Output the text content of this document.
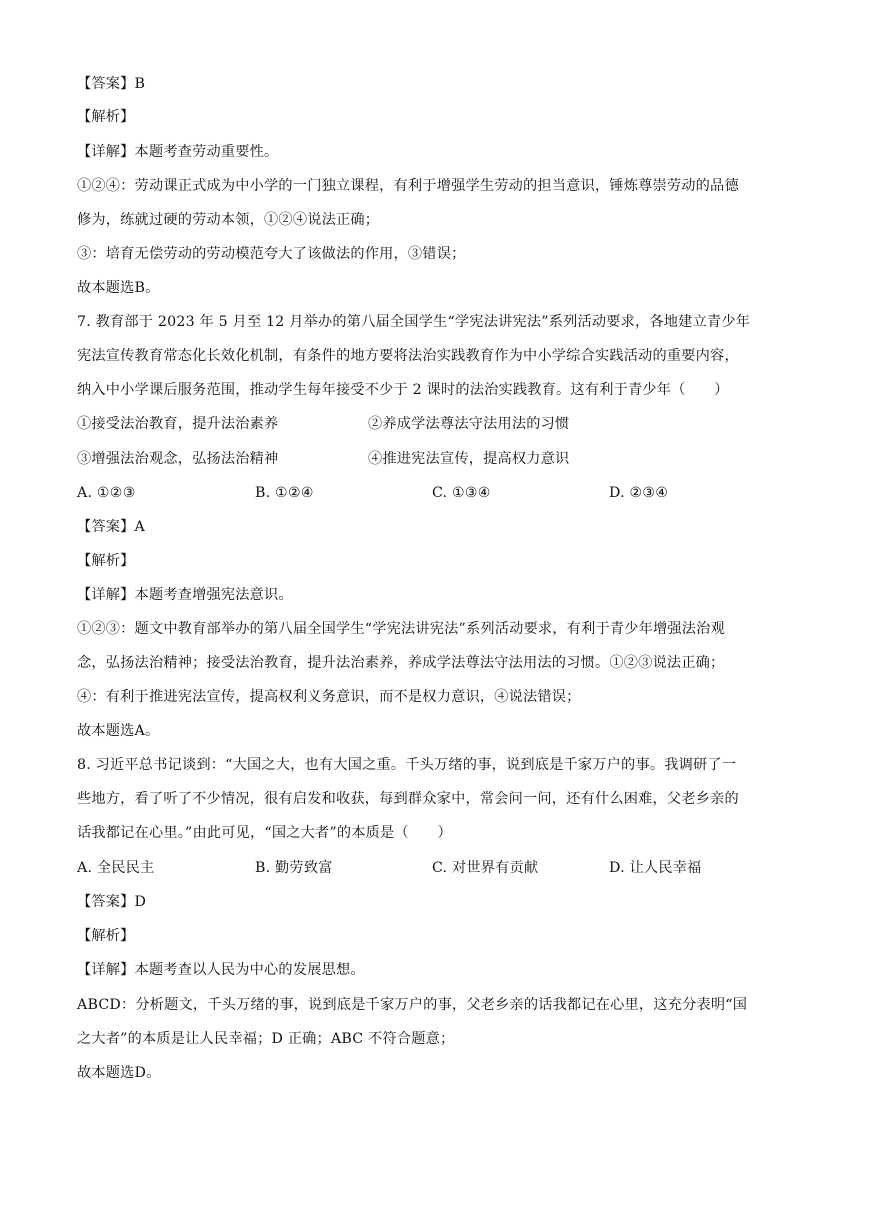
【答案】B
【解析】
【详解】本题考查劳动重要性。
①②④：劳动课正式成为中小学的一门独立课程，有利于增强学生劳动的担当意识，锤炼尊崇劳动的品德
修为，练就过硬的劳动本领，①②④说法正确；
③：培育无偿劳动的劳动模范夸大了该做法的作用，③错误；
故本题选B。
7. 教育部于 2023 年 5 月至 12 月举办的第八届全国学生“学宪法讲宪法”系列活动要求，各地建立青少年
宪法宣传教育常态化长效化机制，有条件的地方要将法治实践教育作为中小学综合实践活动的重要内容，
纳入中小学课后服务范围，推动学生每年接受不少于 2 课时的法治实践教育。这有利于青少年（　　）
①接受法治教育，提升法治素养	②养成学法尊法守法用法的习惯
③增强法治观念，弘扬法治精神	④推进宪法宣传，提高权力意识
A. ①②③	B. ①②④	C. ①③④	D. ②③④
【答案】A
【解析】
【详解】本题考查增强宪法意识。
①②③：题文中教育部举办的第八届全国学生“学宪法讲宪法”系列活动要求，有利于青少年增强法治观
念，弘扬法治精神；接受法治教育，提升法治素养，养成学法尊法守法用法的习惯。①②③说法正确；
④：有利于推进宪法宣传，提高权利义务意识，而不是权力意识，④说法错误；
故本题选A。
8. 习近平总书记谈到：“大国之大，也有大国之重。千头万绪的事，说到底是千家万户的事。我调研了一
些地方，看了听了不少情况，很有启发和收获，每到群众家中，常会问一问，还有什么困难，父老乡亲的
话我都记在心里。”由此可见，“国之大者”的本质是（　　）
A. 全民民主	B. 勤劳致富	C. 对世界有贡献	D. 让人民幸福
【答案】D
【解析】
【详解】本题考查以人民为中心的发展思想。
ABCD：分析题文，千头万绪的事，说到底是千家万户的事，父老乡亲的话我都记在心里，这充分表明“国
之大者”的本质是让人民幸福；D 正确；ABC 不符合题意；
故本题选D。
